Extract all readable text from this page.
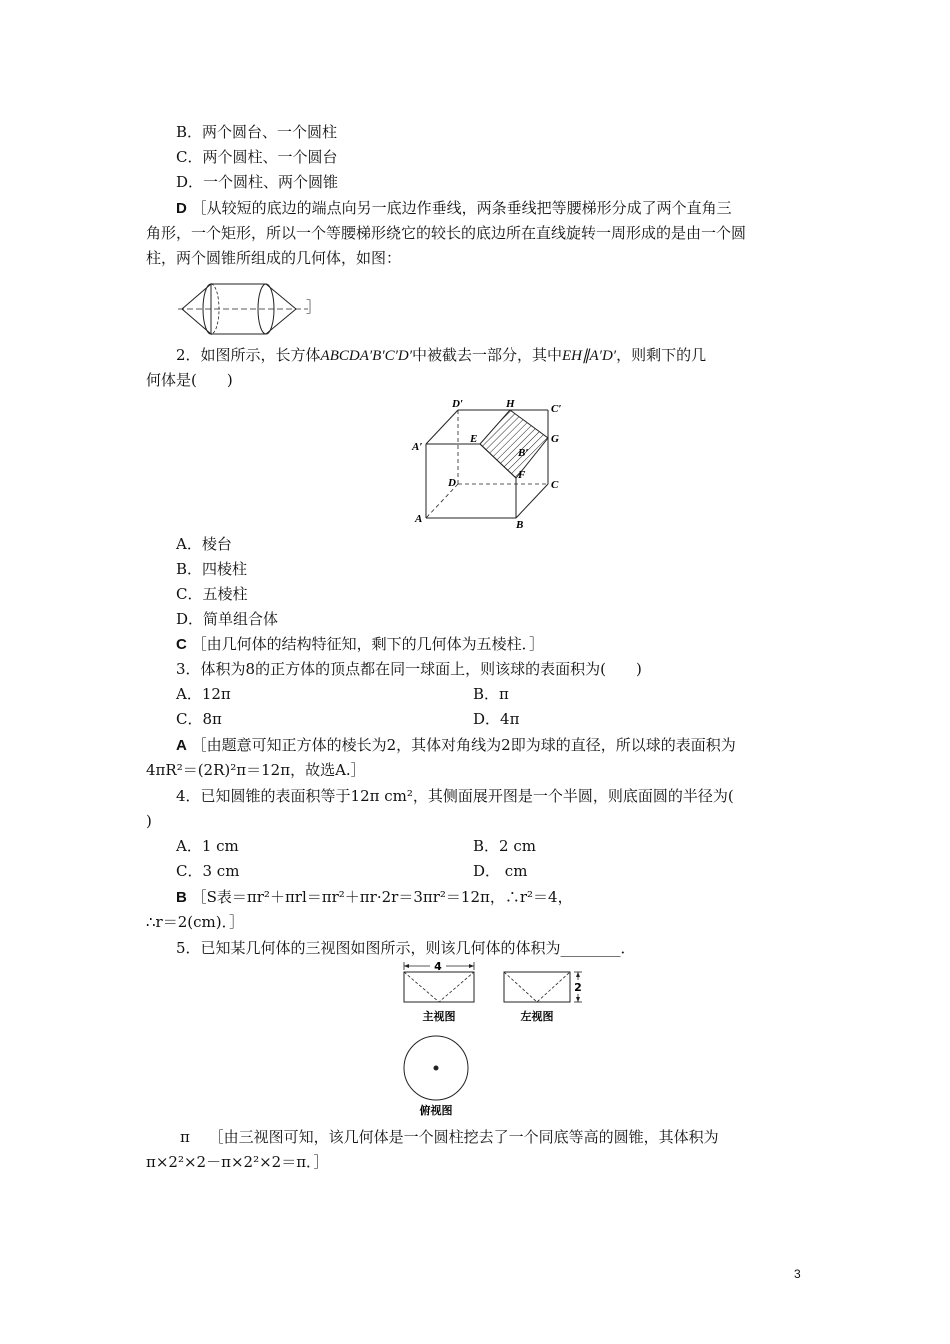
B．两个圆台、一个圆柱
C．两个圆柱、一个圆台
D．一个圆柱、两个圆锥
D ［从较短的底边的端点向另一底边作垂线，两条垂线把等腰梯形分成了两个直角三
角形，一个矩形，所以一个等腰梯形绕它的较长的底边所在直线旋转一周形成的是由一个圆
柱，两个圆锥所组成的几何体，如图：
］
2．如图所示，长方体ABCDA′B′C′D′中被截去一部分，其中EH∥A′D′，则剩下的几
何体是(　　)
D′	H	C′
A′
E	G
B′
F
D	C
A	B
A．棱台
B．四棱柱
C．五棱柱
D．简单组合体
C ［由几何体的结构特征知，剩下的几何体为五棱柱．］
3．体积为8的正方体的顶点都在同一球面上，则该球的表面积为(　　)
A．12π	B．π
C．8π	D．4π
A ［由题意可知正方体的棱长为2，其体对角线为2即为球的直径，所以球的表面积为
4πR²＝(2R)²π＝12π，故选A.］
4．已知圆锥的表面积等于12π cm²，其侧面展开图是一个半圆，则底面圆的半径为(
)
A．1 cm	B．2 cm
C．3 cm	D． cm
B ［S表＝πr²＋πrl＝πr²＋πr·2r＝3πr²＝12π，∴r²＝4，
∴r＝2(cm)．］
5．已知某几何体的三视图如图所示，则该几何体的体积为________．
4
主视图
2
左视图
俯视图
π ［由三视图可知，该几何体是一个圆柱挖去了一个同底等高的圆锥，其体积为
π×2²×2－π×2²×2＝π．］
3
